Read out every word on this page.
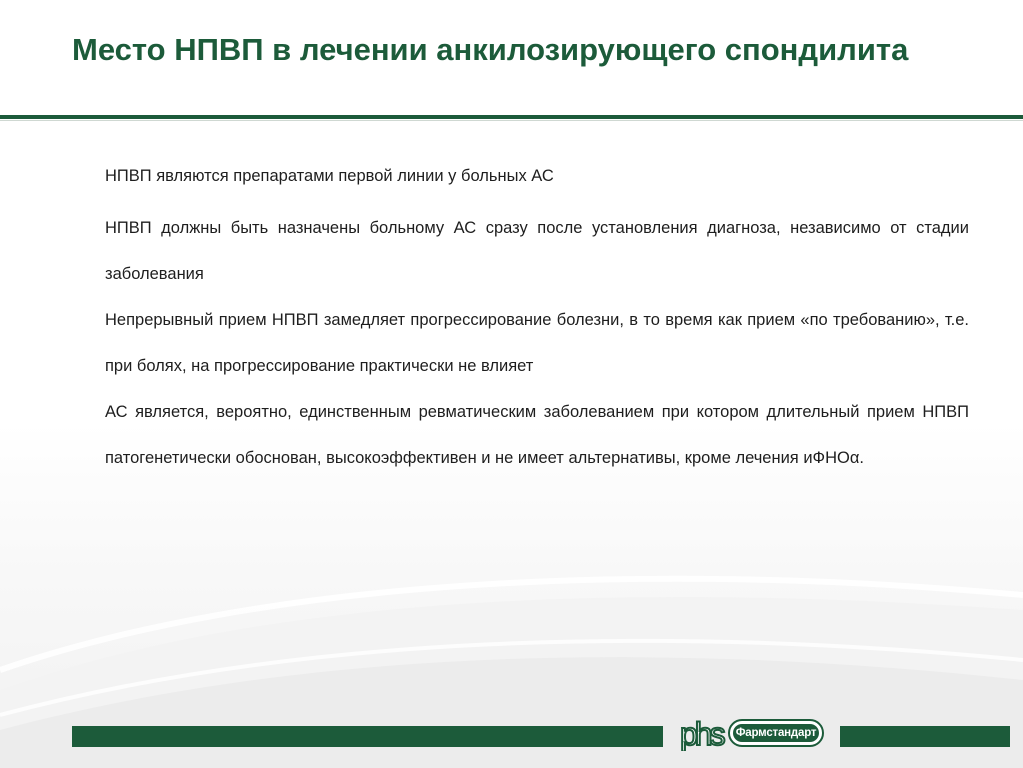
Место НПВП в лечении анкилозирующего спондилита

НПВП являются препаратами первой линии у больных АС

НПВП должны быть назначены больному АС сразу после установления диагноза, независимо от стадии заболевания

Непрерывный прием НПВП замедляет прогрессирование болезни, в то время как прием «по требованию», т.е. при болях, на прогрессирование практически не влияет

АС является, вероятно, единственным ревматическим заболеванием при котором длительный прием НПВП патогенетически обоснован, высокоэффективен и не имеет альтернативы, кроме лечения иФНОα.

phs Фармстандарт
